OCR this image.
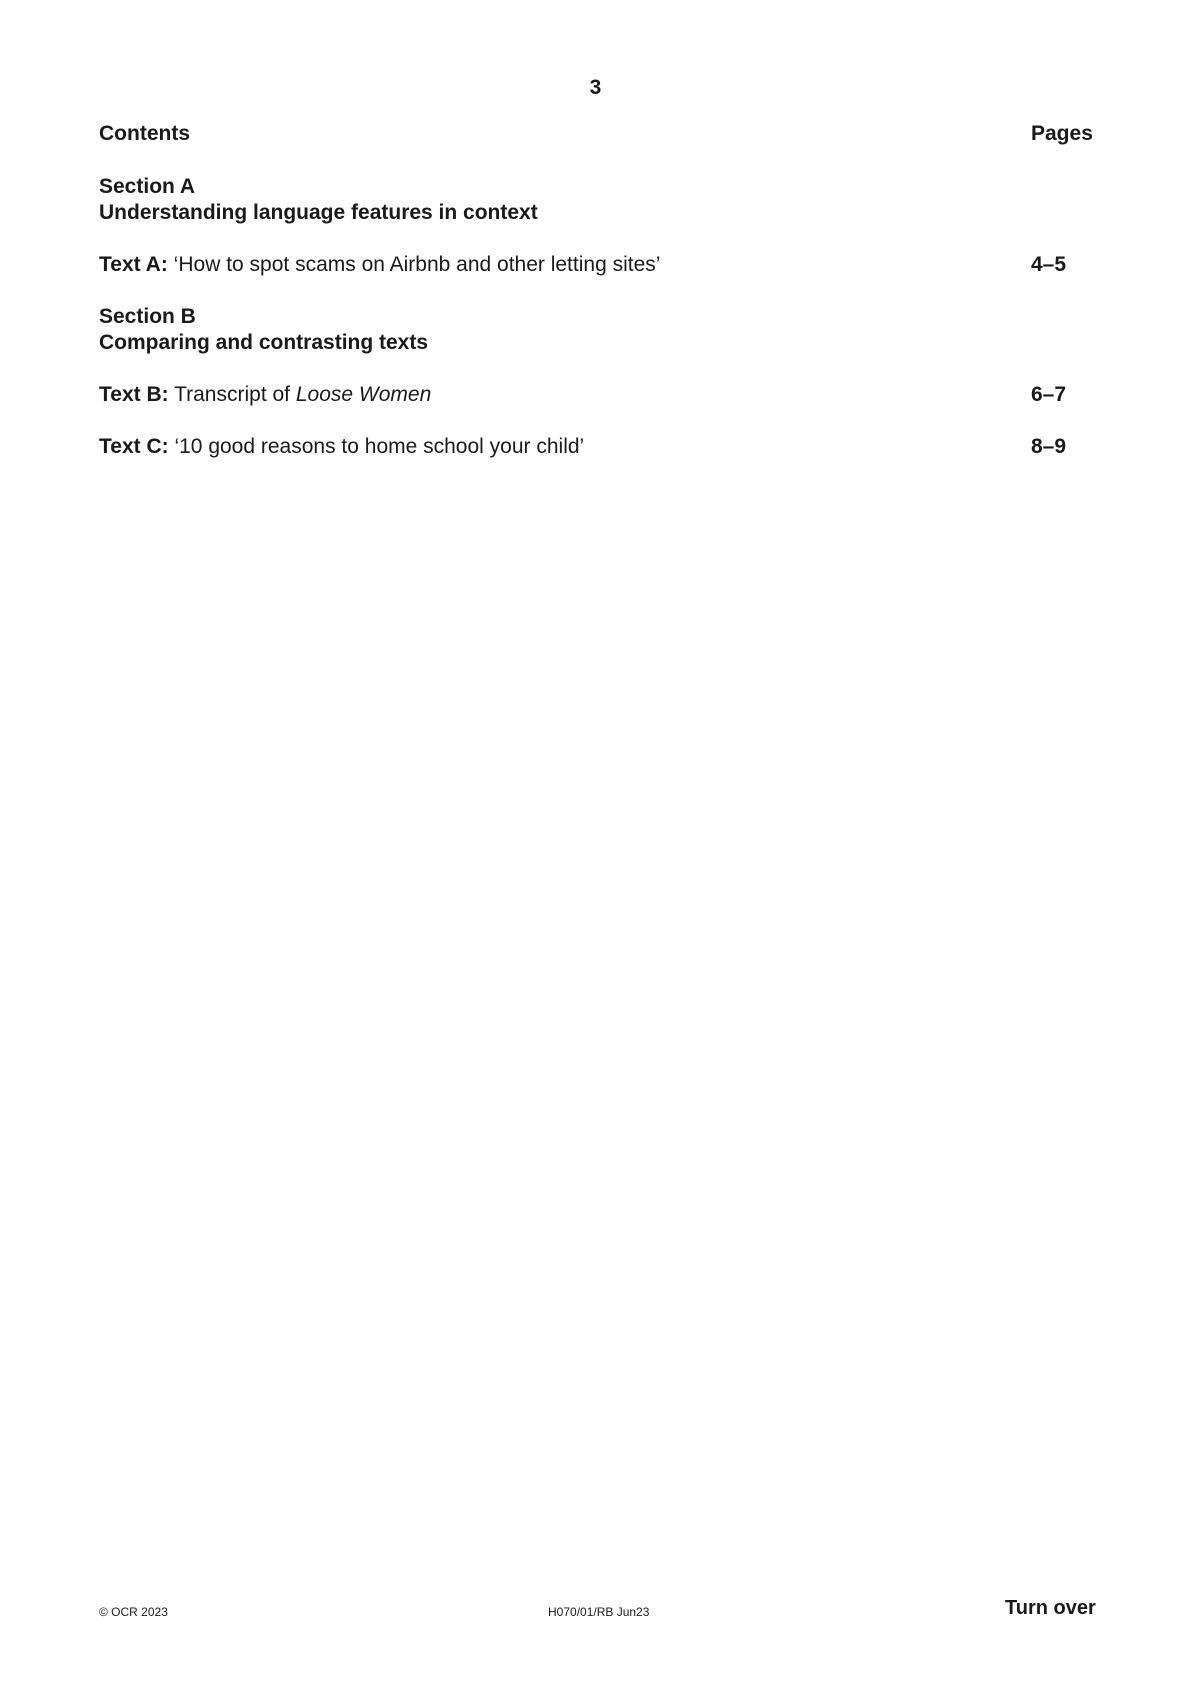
3
Contents	Pages
Section A
Understanding language features in context
Text A: ‘How to spot scams on Airbnb and other letting sites’	4–5
Section B
Comparing and contrasting texts
Text B: Transcript of Loose Women	6–7
Text C: ‘10 good reasons to home school your child’	8–9
© OCR 2023	H070/01/RB Jun23	Turn over
